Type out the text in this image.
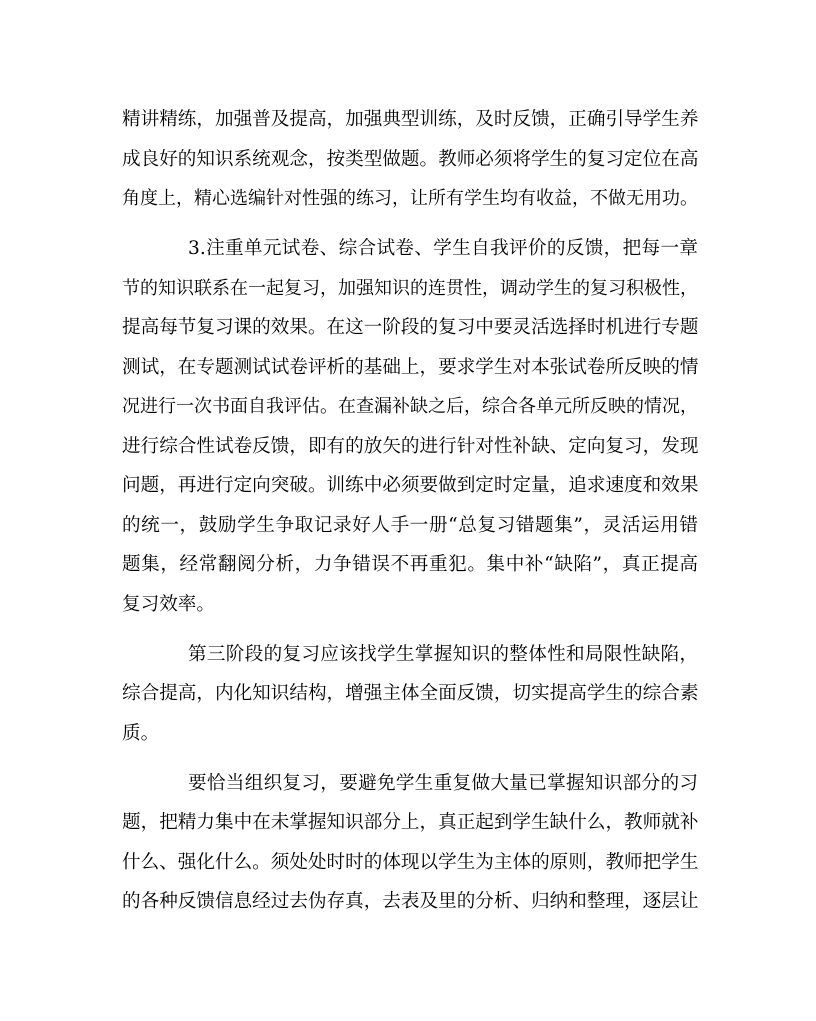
精讲精练，加强普及提高，加强典型训练，及时反馈，正确引导学生养
成良好的知识系统观念，按类型做题。教师必须将学生的复习定位在高
角度上，精心选编针对性强的练习，让所有学生均有收益，不做无用功。
3.注重单元试卷、综合试卷、学生自我评价的反馈，把每一章
节的知识联系在一起复习，加强知识的连贯性，调动学生的复习积极性，
提高每节复习课的效果。在这一阶段的复习中要灵活选择时机进行专题
测试，在专题测试试卷评析的基础上，要求学生对本张试卷所反映的情
况进行一次书面自我评估。在查漏补缺之后，综合各单元所反映的情况，
进行综合性试卷反馈，即有的放矢的进行针对性补缺、定向复习，发现
问题，再进行定向突破。训练中必须要做到定时定量，追求速度和效果
的统一，鼓励学生争取记录好人手一册“总复习错题集”，灵活运用错
题集，经常翻阅分析，力争错误不再重犯。集中补“缺陷”，真正提高
复习效率。
第三阶段的复习应该找学生掌握知识的整体性和局限性缺陷，
综合提高，内化知识结构，增强主体全面反馈，切实提高学生的综合素
质。
要恰当组织复习，要避免学生重复做大量已掌握知识部分的习
题，把精力集中在未掌握知识部分上，真正起到学生缺什么，教师就补
什么、强化什么。须处处时时的体现以学生为主体的原则，教师把学生
的各种反馈信息经过去伪存真，去表及里的分析、归纳和整理，逐层让
